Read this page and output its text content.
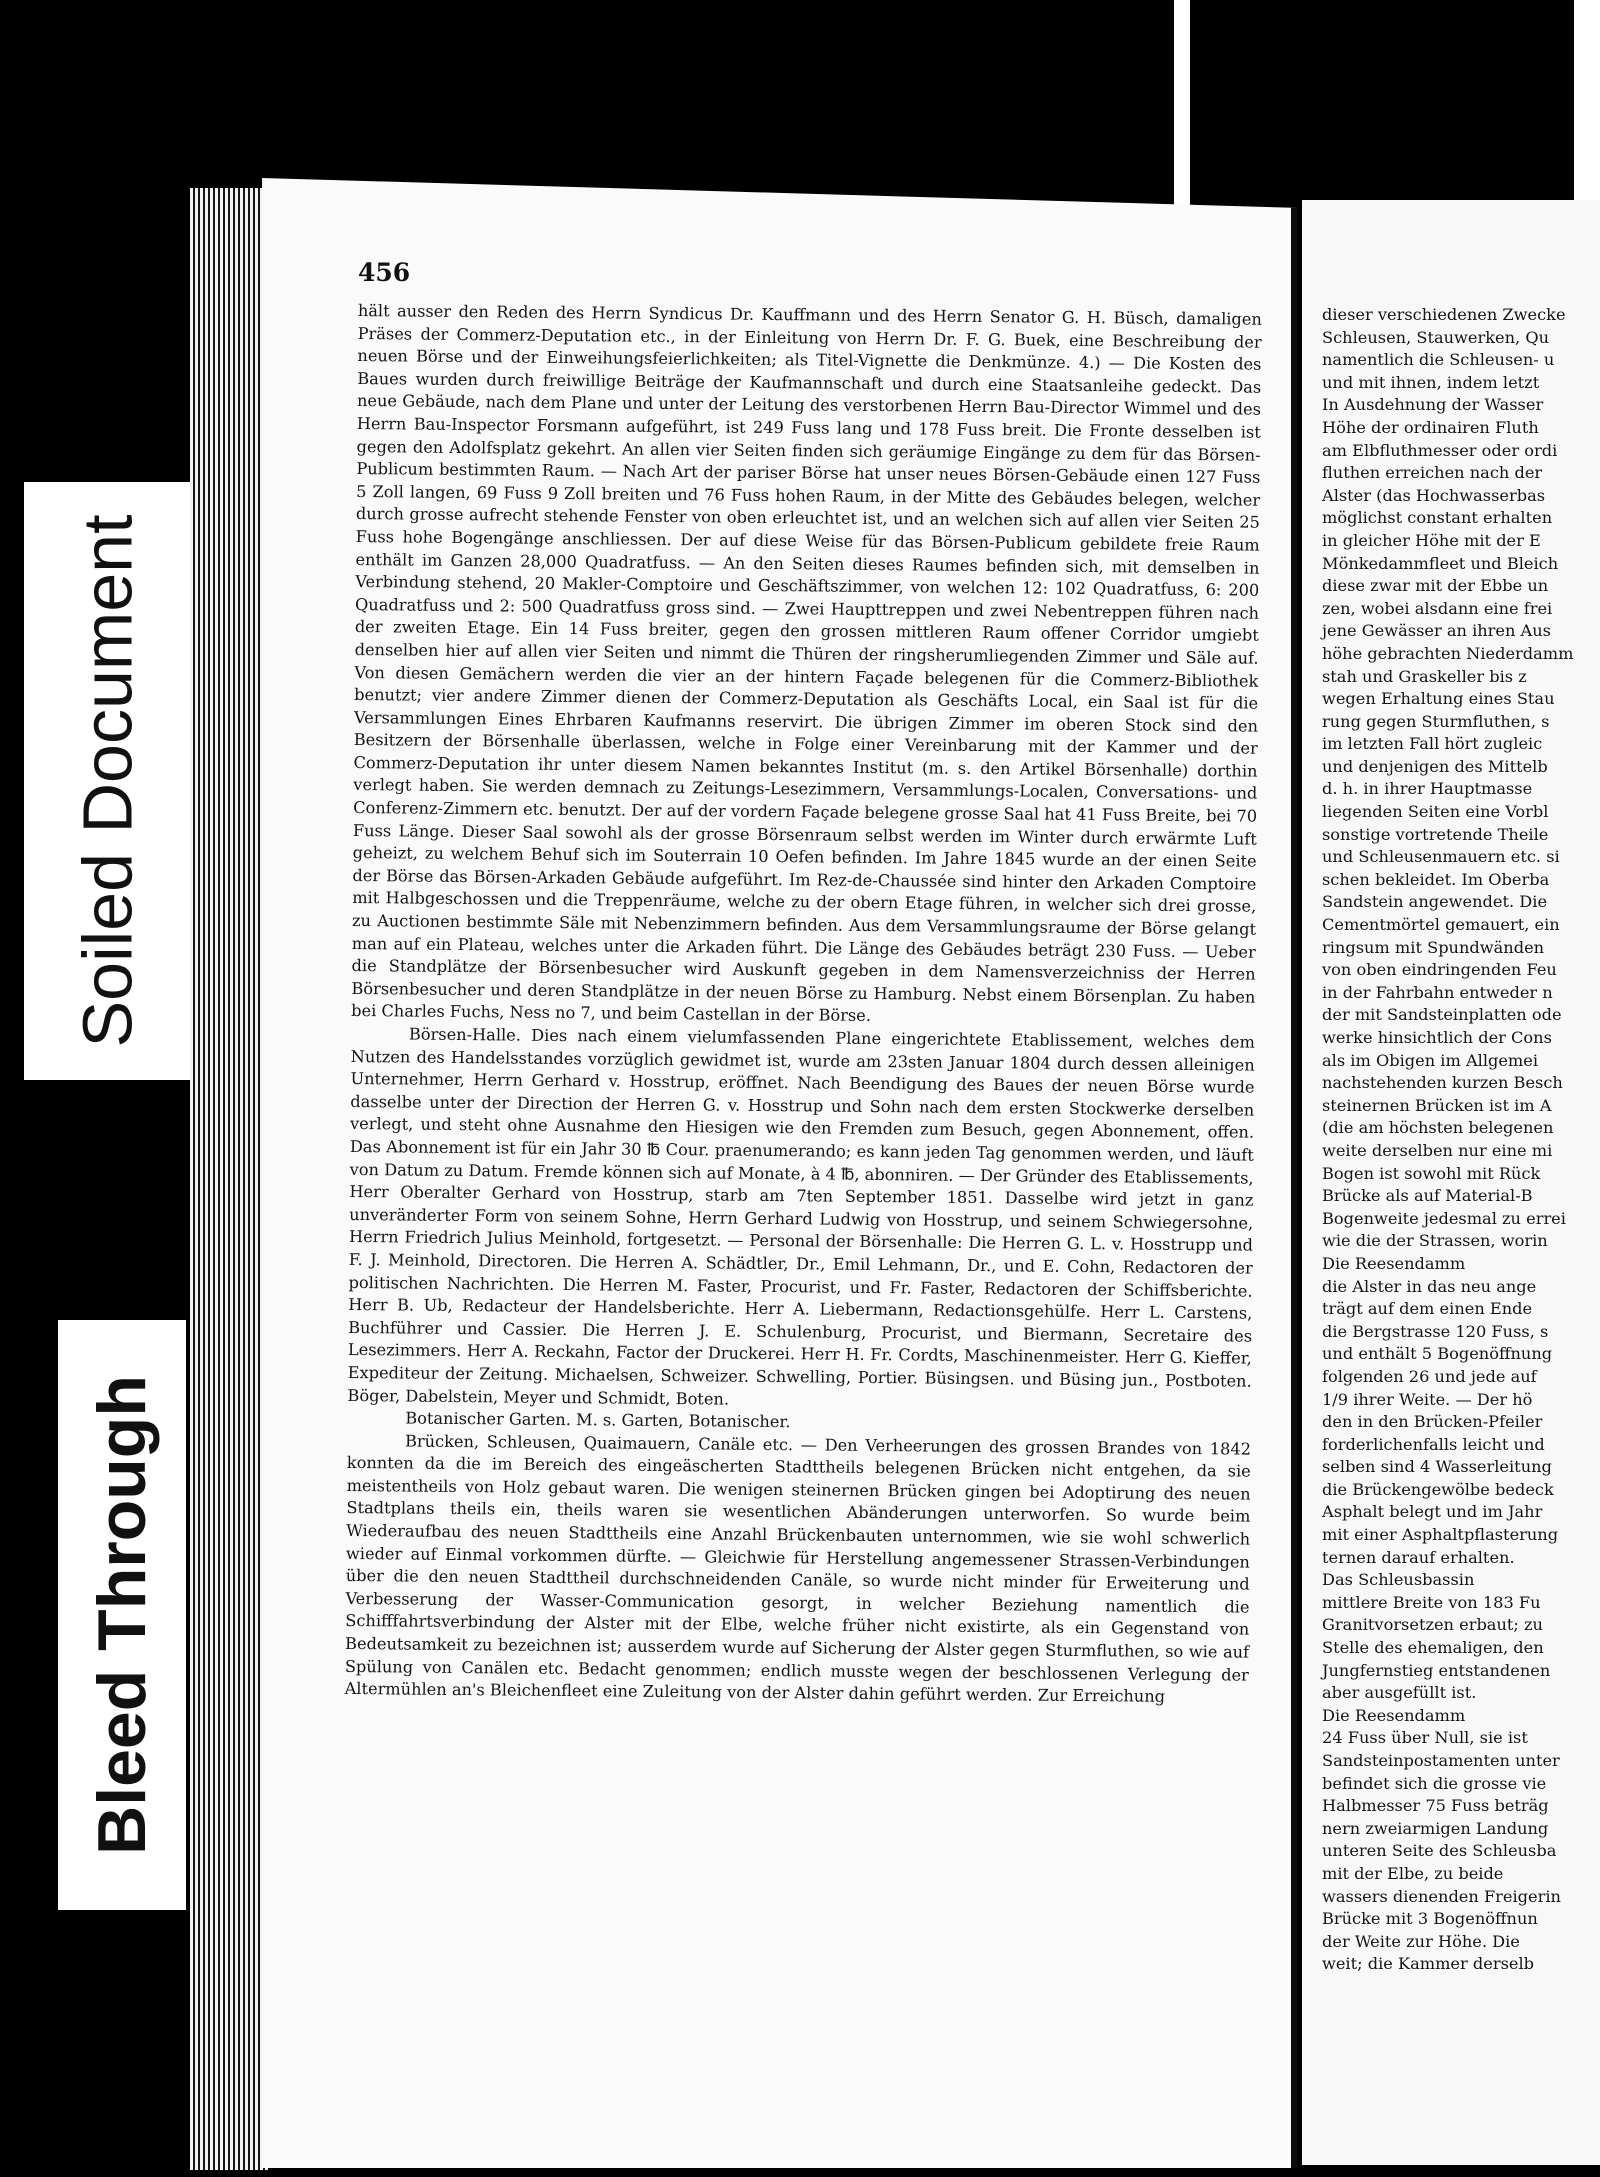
Soiled Document
Bleed Through
456

hält ausser den Reden des Herrn Syndicus Dr. Kauffmann und des Herrn Senator G. H. Büsch, damaligen Präses der Commerz-Deputation etc., in der Einleitung von Herrn Dr. F. G. Buek, eine Beschreibung der neuen Börse und der Einweihungsfeierlichkeiten; als Titel-Vignette die Denkmünze. 4.) — Die Kosten des Baues wurden durch freiwillige Beiträge der Kaufmannschaft und durch eine Staatsanleihe gedeckt. Das neue Gebäude, nach dem Plane und unter der Leitung des verstorbenen Herrn Bau-Director Wimmel und des Herrn Bau-Inspector Forsmann aufgeführt, ist 249 Fuss lang und 178 Fuss breit. Die Fronte desselben ist gegen den Adolfsplatz gekehrt. An allen vier Seiten finden sich geräumige Eingänge zu dem für das Börsen-Publicum bestimmten Raum. — Nach Art der pariser Börse hat unser neues Börsen-Gebäude einen 127 Fuss 5 Zoll langen, 69 Fuss 9 Zoll breiten und 76 Fuss hohen Raum, in der Mitte des Gebäudes belegen, welcher durch grosse aufrecht stehende Fenster von oben erleuchtet ist, und an welchen sich auf allen vier Seiten 25 Fuss hohe Bogengänge anschliessen. Der auf diese Weise für das Börsen-Publicum gebildete freie Raum enthält im Ganzen 28,000 Quadratfuss. — An den Seiten dieses Raumes befinden sich, mit demselben in Verbindung stehend, 20 Makler-Comptoire und Geschäftszimmer, von welchen 12: 102 Quadratfuss, 6: 200 Quadratfuss und 2: 500 Quadratfuss gross sind. — Zwei Haupttreppen und zwei Nebentreppen führen nach der zweiten Etage. Ein 14 Fuss breiter, gegen den grossen mittleren Raum offener Corridor umgiebt denselben hier auf allen vier Seiten und nimmt die Thüren der ringsherumliegenden Zimmer und Säle auf. Von diesen Gemächern werden die vier an der hintern Façade belegenen für die Commerz-Bibliothek benutzt; vier andere Zimmer dienen der Commerz-Deputation als Geschäfts Local, ein Saal ist für die Versammlungen Eines Ehrbaren Kaufmanns reservirt. Die übrigen Zimmer im oberen Stock sind den Besitzern der Börsenhalle überlassen, welche in Folge einer Vereinbarung mit der Kammer und der Commerz-Deputation ihr unter diesem Namen bekanntes Institut (m. s. den Artikel Börsenhalle) dorthin verlegt haben. Sie werden demnach zu Zeitungs-Lesezimmern, Versammlungs-Localen, Conversations- und Conferenz-Zimmern etc. benutzt. Der auf der vordern Façade belegene grosse Saal hat 41 Fuss Breite, bei 70 Fuss Länge. Dieser Saal sowohl als der grosse Börsenraum selbst werden im Winter durch erwärmte Luft geheizt, zu welchem Behuf sich im Souterrain 10 Oefen befinden. Im Jahre 1845 wurde an der einen Seite der Börse das Börsen-Arkaden Gebäude aufgeführt. Im Rez-de-Chaussée sind hinter den Arkaden Comptoire mit Halbgeschossen und die Treppenräume, welche zu der obern Etage führen, in welcher sich drei grosse, zu Auctionen bestimmte Säle mit Nebenzimmern befinden. Aus dem Versammlungsraume der Börse gelangt man auf ein Plateau, welches unter die Arkaden führt. Die Länge des Gebäudes beträgt 230 Fuss. — Ueber die Standplätze der Börsenbesucher wird Auskunft gegeben in dem Namensverzeichniss der Herren Börsenbesucher und deren Standplätze in der neuen Börse zu Hamburg. Nebst einem Börsenplan. Zu haben bei Charles Fuchs, Ness no 7, und beim Castellan in der Börse.

Börsen-Halle. Dies nach einem vielumfassenden Plane eingerichtete Etablissement, welches dem Nutzen des Handelsstandes vorzüglich gewidmet ist, wurde am 23sten Januar 1804 durch dessen alleinigen Unternehmer, Herrn Gerhard v. Hosstrup, eröffnet. Nach Beendigung des Baues der neuen Börse wurde dasselbe unter der Direction der Herren G. v. Hosstrup und Sohn nach dem ersten Stockwerke derselben verlegt, und steht ohne Ausnahme den Hiesigen wie den Fremden zum Besuch, gegen Abonnement, offen. Das Abonnement ist für ein Jahr 30 ℔ Cour. praenumerando; es kann jeden Tag genommen werden, und läuft von Datum zu Datum. Fremde können sich auf Monate, à 4 ℔, abonniren. — Der Gründer des Etablissements, Herr Oberalter Gerhard von Hosstrup, starb am 7ten September 1851. Dasselbe wird jetzt in ganz unveränderter Form von seinem Sohne, Herrn Gerhard Ludwig von Hosstrup, und seinem Schwiegersohne, Herrn Friedrich Julius Meinhold, fortgesetzt. — Personal der Börsenhalle: Die Herren G. L. v. Hosstrupp und F. J. Meinhold, Directoren. Die Herren A. Schädtler, Dr., Emil Lehmann, Dr., und E. Cohn, Redactoren der politischen Nachrichten. Die Herren M. Faster, Procurist, und Fr. Faster, Redactoren der Schiffsberichte. Herr B. Ub, Redacteur der Handelsberichte. Herr A. Liebermann, Redactionsgehülfe. Herr L. Carstens, Buchführer und Cassier. Die Herren J. E. Schulenburg, Procurist, und Biermann, Secretaire des Lesezimmers. Herr A. Reckahn, Factor der Druckerei. Herr H. Fr. Cordts, Maschinenmeister. Herr G. Kieffer, Expediteur der Zeitung. Michaelsen, Schweizer. Schwelling, Portier. Büsingsen. und Büsing jun., Postboten. Böger, Dabelstein, Meyer und Schmidt, Boten.

Botanischer Garten. M. s. Garten, Botanischer.

Brücken, Schleusen, Quaimauern, Canäle etc. — Den Verheerungen des grossen Brandes von 1842 konnten da die im Bereich des eingeäscherten Stadttheils belegenen Brücken nicht entgehen, da sie meistentheils von Holz gebaut waren. Die wenigen steinernen Brücken gingen bei Adoptirung des neuen Stadtplans theils ein, theils waren sie wesentlichen Abänderungen unterworfen. So wurde beim Wiederaufbau des neuen Stadttheils eine Anzahl Brückenbauten unternommen, wie sie wohl schwerlich wieder auf Einmal vorkommen dürfte. — Gleichwie für Herstellung angemessener Strassen-Verbindungen über die den neuen Stadttheil durchschneidenden Canäle, so wurde nicht minder für Erweiterung und Verbesserung der Wasser-Communication gesorgt, in welcher Beziehung namentlich die Schifffahrtsverbindung der Alster mit der Elbe, welche früher nicht existirte, als ein Gegenstand von Bedeutsamkeit zu bezeichnen ist; ausserdem wurde auf Sicherung der Alster gegen Sturmfluthen, so wie auf Spülung von Canälen etc. Bedacht genommen; endlich musste wegen der beschlossenen Verlegung der Altermühlen an's Bleichenfleet eine Zuleitung von der Alster dahin geführt werden. Zur Erreichung

dieser verschiedenen Zwecke
Schleusen, Stauwerken, Qu
namentlich die Schleusen- u
und mit ihnen, indem letzt
In Ausdehnung der Wasser
Höhe der ordinairen Fluth
am Elbfluthmesser oder ordi
fluthen erreichen nach der
Alster (das Hochwasserbas
möglichst constant erhalten
in gleicher Höhe mit der E
Mönkedammfleet und Bleich
diese zwar mit der Ebbe un
zen, wobei alsdann eine frei
jene Gewässer an ihren Aus
höhe gebrachten Niederdamm
stah und Graskeller bis z
wegen Erhaltung eines Stau
rung gegen Sturmfluthen, s
im letzten Fall hört zugleic
und denjenigen des Mittelb
d. h. in ihrer Hauptmasse
liegenden Seiten eine Vorbl
sonstige vortretende Theile
und Schleusenmauern etc. si
schen bekleidet. Im Oberba
Sandstein angewendet. Die
Cementmörtel gemauert, ein
ringsum mit Spundwänden
von oben eindringenden Feu
in der Fahrbahn entweder n
der mit Sandsteinplatten ode
werke hinsichtlich der Cons
als im Obigen im Allgemei
nachstehenden kurzen Besch
steinernen Brücken ist im A
(die am höchsten belegenen
weite derselben nur eine mi
Bogen ist sowohl mit Rück
Brücke als auf Material-B
Bogenweite jedesmal zu errei
wie die der Strassen, worin
Die Reesendamm
die Alster in das neu ange
trägt auf dem einen Ende
die Bergstrasse 120 Fuss, s
und enthält 5 Bogenöffnung
folgenden 26 und jede auf
1/9 ihrer Weite. — Der hö
den in den Brücken-Pfeiler
forderlichenfalls leicht und
selben sind 4 Wasserleitung
die Brückengewölbe bedeck
Asphalt belegt und im Jahr
mit einer Asphaltpflasterung
ternen darauf erhalten.
Das Schleusbassin
mittlere Breite von 183 Fu
Granitvorsetzen erbaut; zu
Stelle des ehemaligen, den
Jungfernstieg entstandenen
aber ausgefüllt ist.
Die Reesendamm
24 Fuss über Null, sie ist
Sandsteinpostamenten unter
befindet sich die grosse vie
Halbmesser 75 Fuss beträg
nern zweiarmigen Landung
unteren Seite des Schleusba
mit der Elbe, zu beide
wassers dienenden Freigerin
Brücke mit 3 Bogenöffnun
der Weite zur Höhe. Die
weit; die Kammer derselb
